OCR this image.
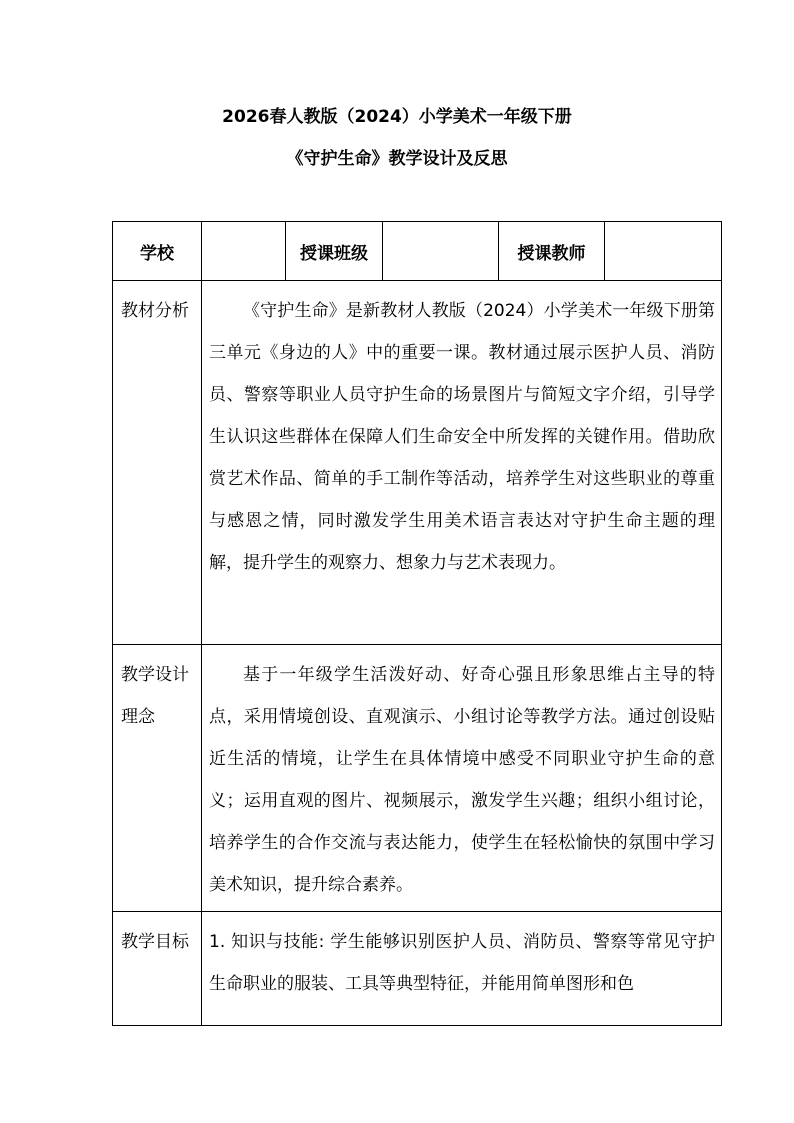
2026春人教版（2024）小学美术一年级下册
《守护生命》教学设计及反思
学校		授课班级		授课教师	

教材分析	《守护生命》是新教材人教版（2024）小学美术一年级下册第三单元《身边的人》中的重要一课。教材通过展示医护人员、消防员、警察等职业人员守护生命的场景图片与简短文字介绍，引导学生认识这些群体在保障人们生命安全中所发挥的关键作用。借助欣赏艺术作品、简单的手工制作等活动，培养学生对这些职业的尊重与感恩之情，同时激发学生用美术语言表达对守护生命主题的理解，提升学生的观察力、想象力与艺术表现力。				

教学设计理念	基于一年级学生活泼好动、好奇心强且形象思维占主导的特点，采用情境创设、直观演示、小组讨论等教学方法。通过创设贴近生活的情境，让学生在具体情境中感受不同职业守护生命的意义；运用直观的图片、视频展示，激发学生兴趣；组织小组讨论，培养学生的合作交流与表达能力，使学生在轻松愉快的氛围中学习美术知识，提升综合素养。				

教学目标	1. 知识与技能: 学生能够识别医护人员、消防员、警察等常见守护生命职业的服装、工具等典型特征，并能用简单图形和色				
